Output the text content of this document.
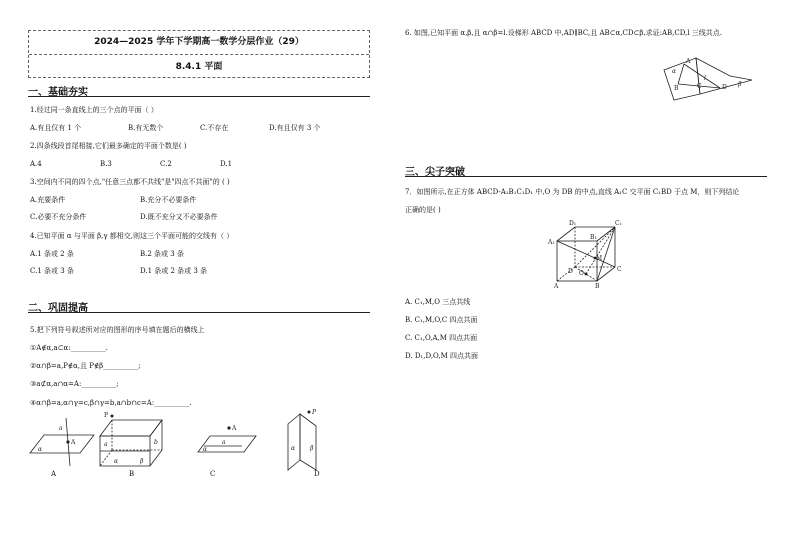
2024—2025 学年下学期高一数学分层作业（29）
8.4.1 平面
一、基础夯实
1.经过同一条直线上的三个点的平面（ ）
A.有且仅有 1 个	B.有无数个	C.不存在	D.有且仅有 3 个
2.四条线段首尾相接,它们最多确定的平面个数是( )
A.4	B.3	C.2	D.1
3.空间内不同的四个点,"任意三点都不共线"是"四点不共面"的 ( )
A.充要条件	B.充分不必要条件
C.必要不充分条件	D.既不充分又不必要条件
4.已知平面 α 与平面 β,γ 都相交,则这三个平面可能的交线有（ ）
A.1 条或 2 条	B.2 条或 3 条
C.1 条或 3 条	D.1 条或 2 条或 3 条
二、巩固提高
5.把下列符号叙述所对应的图形的序号填在题后的横线上
①A∉α,a⊂α:__________.
②α∩β=a,P∉α,且 P∉β__________;
③a⊄α,a∩α=A:__________;
④α∩β=a,α∩γ=c,β∩γ=b,a∩b∩c=A:__________.
A
a
α
P
a	b
α	β
A
a
α
P
α β
A	B	C	D
6. 如图,已知平面 α,β,且 α∩β=l.设梯形 ABCD 中,AD∥BC,且 AB⊂α,CD⊂β,求证:AB,CD,l 三线共点.
α
A
B	C	D
l
β
三、尖子突破
7．如图所示,在正方体 ABCD-A₁B₁C₁D₁ 中,O 为 DB 的中点,直线 A₁C 交平面 C₁BD 于点 M，则下列结论
正确的是( )
A₁
D₁	C₁
B₁
M
O
D	C
A	B
A. C₁,M,O 三点共线
B. C₁,M,O,C 四点共面
C. C₁,O,A,M 四点共面
D. D₁,D,O,M 四点共面
